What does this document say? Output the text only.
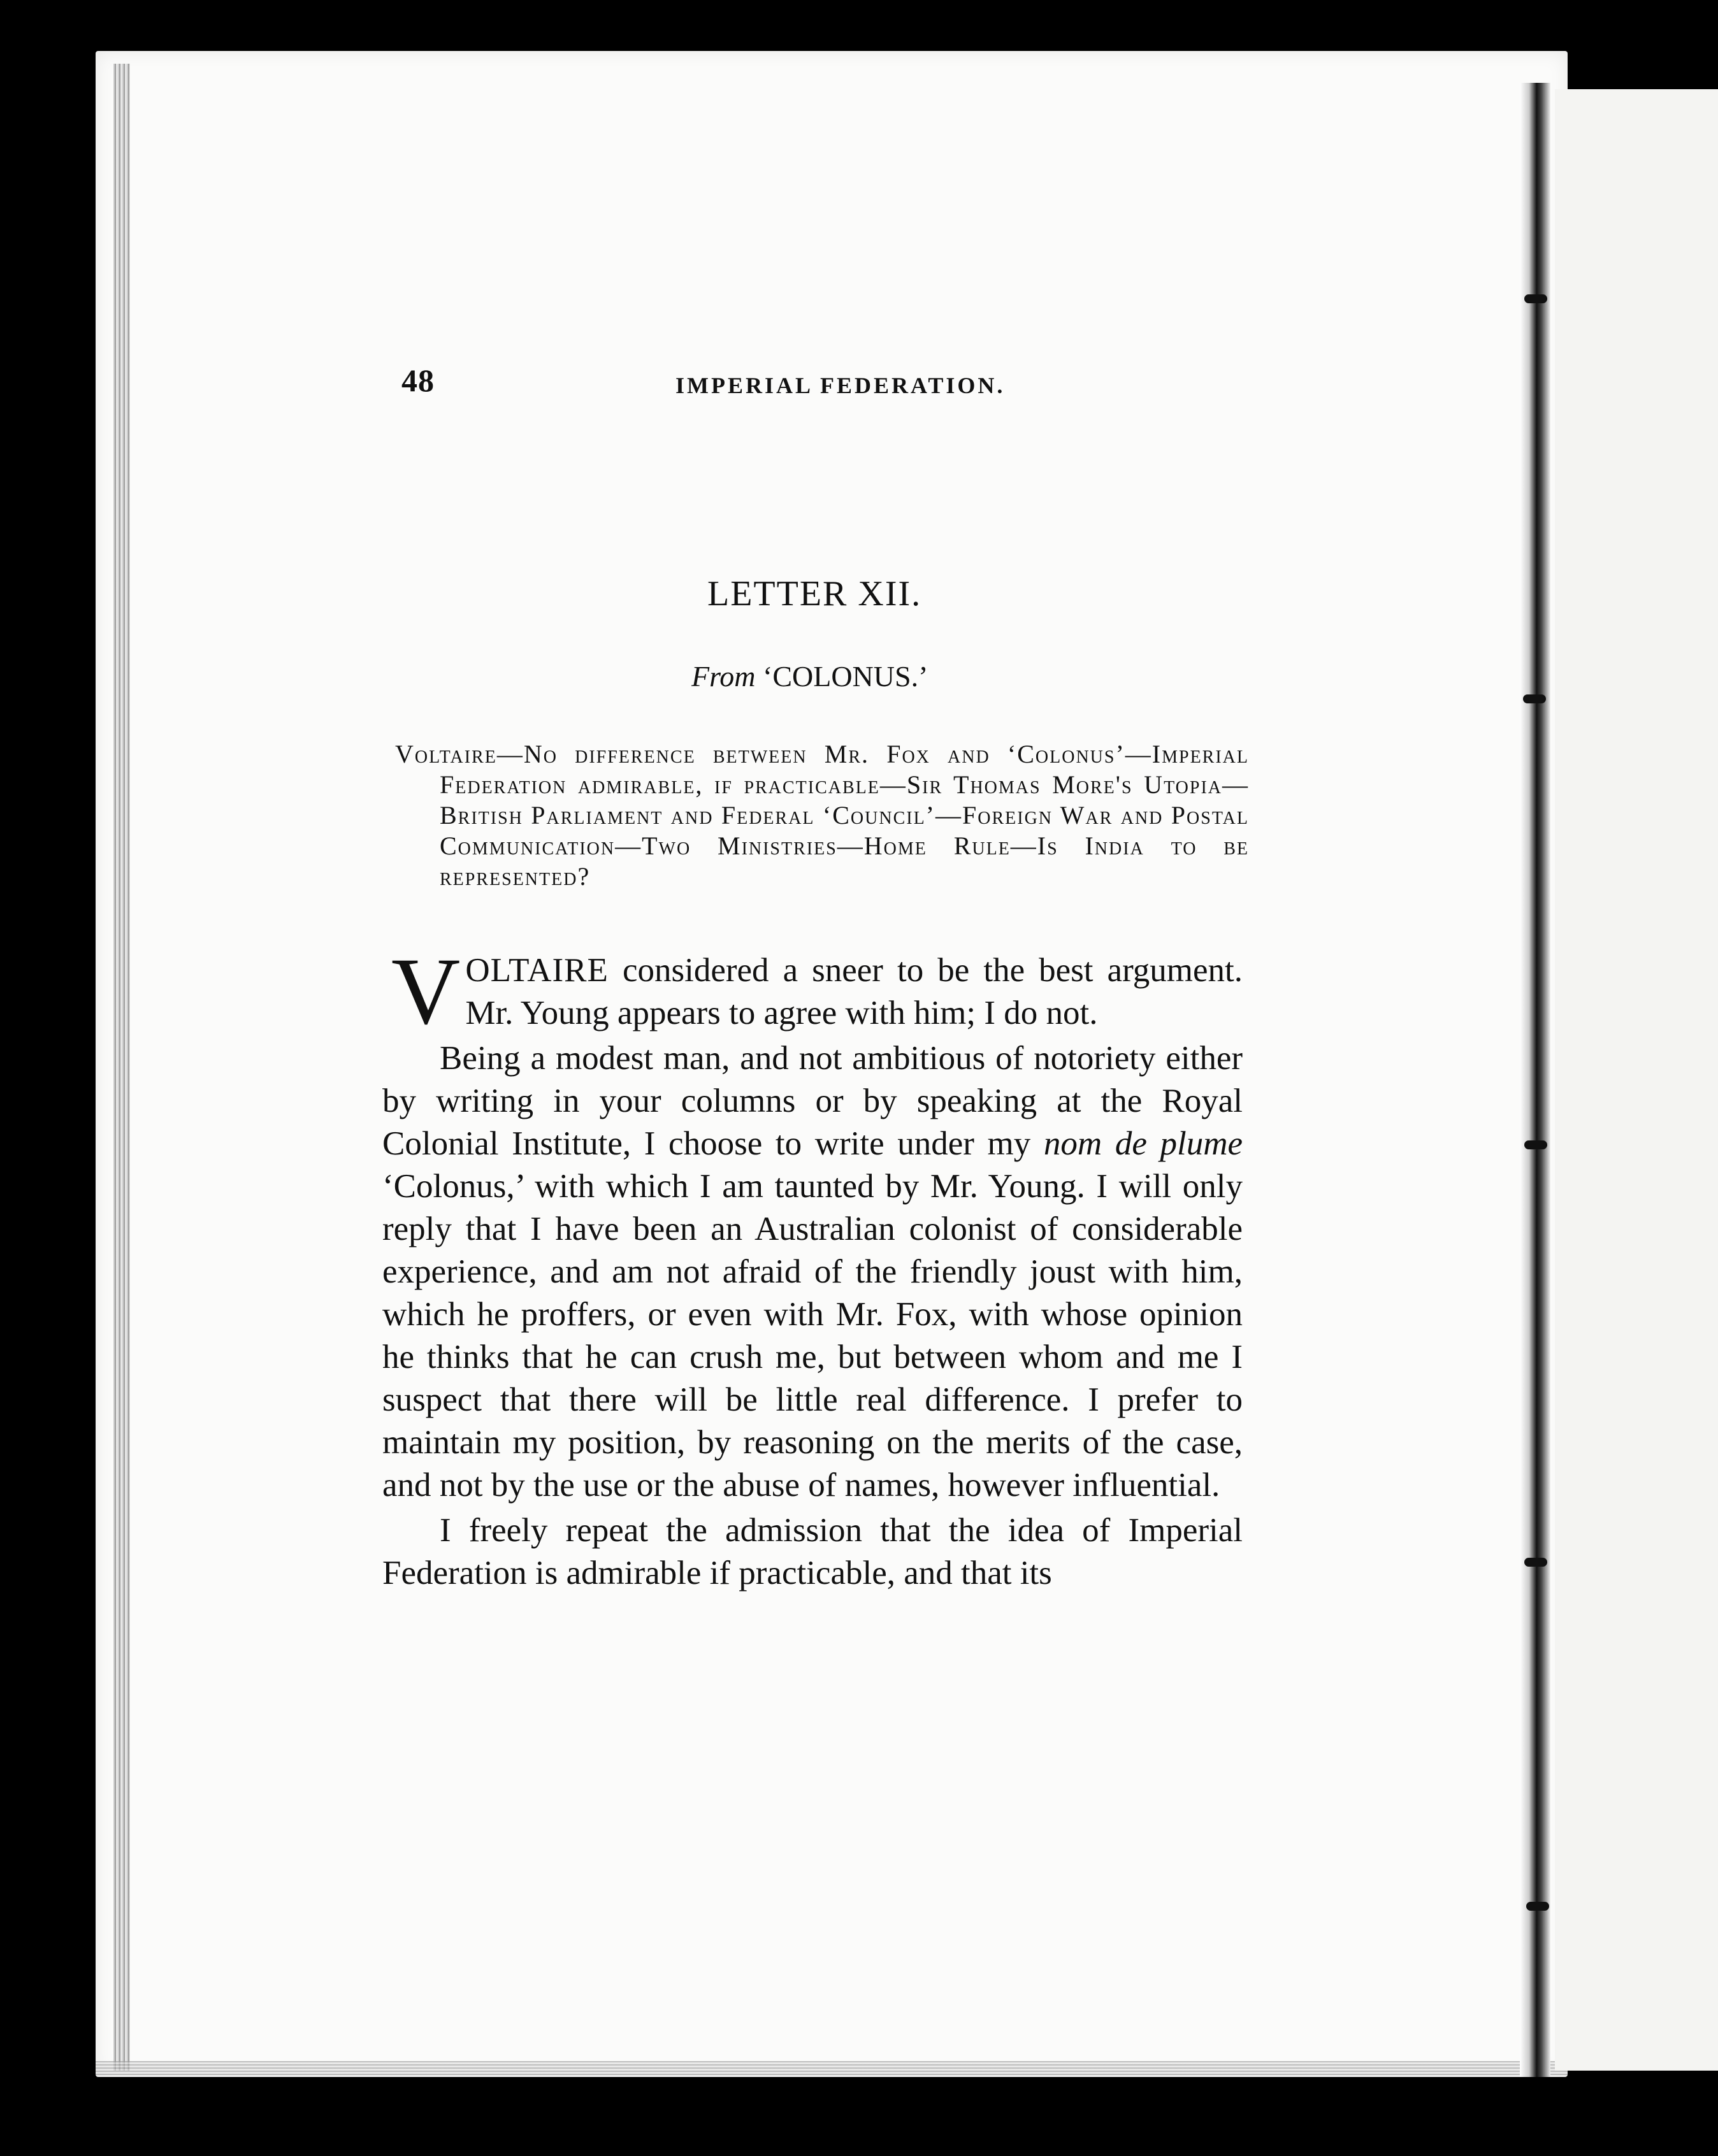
48	IMPERIAL FEDERATION.
LETTER XII.
From ‘COLONUS.’
Voltaire—No difference between Mr. Fox and ‘Colonus’—Imperial Federation admirable, if practicable—Sir Thomas More's Utopia—British Parliament and Federal ‘Council’—Foreign War and Postal Communication—Two Ministries—Home Rule—Is India to be represented?

VOLTAIRE considered a sneer to be the best argument. Mr. Young appears to agree with him; I do not.

Being a modest man, and not ambitious of notoriety either by writing in your columns or by speaking at the Royal Colonial Institute, I choose to write under my nom de plume ‘Colonus,’ with which I am taunted by Mr. Young. I will only reply that I have been an Australian colonist of considerable experience, and am not afraid of the friendly joust with him, which he proffers, or even with Mr. Fox, with whose opinion he thinks that he can crush me, but between whom and me I suspect that there will be little real difference. I prefer to maintain my position, by reasoning on the merits of the case, and not by the use or the abuse of names, however influential.

I freely repeat the admission that the idea of Imperial Federation is admirable if practicable, and that its
